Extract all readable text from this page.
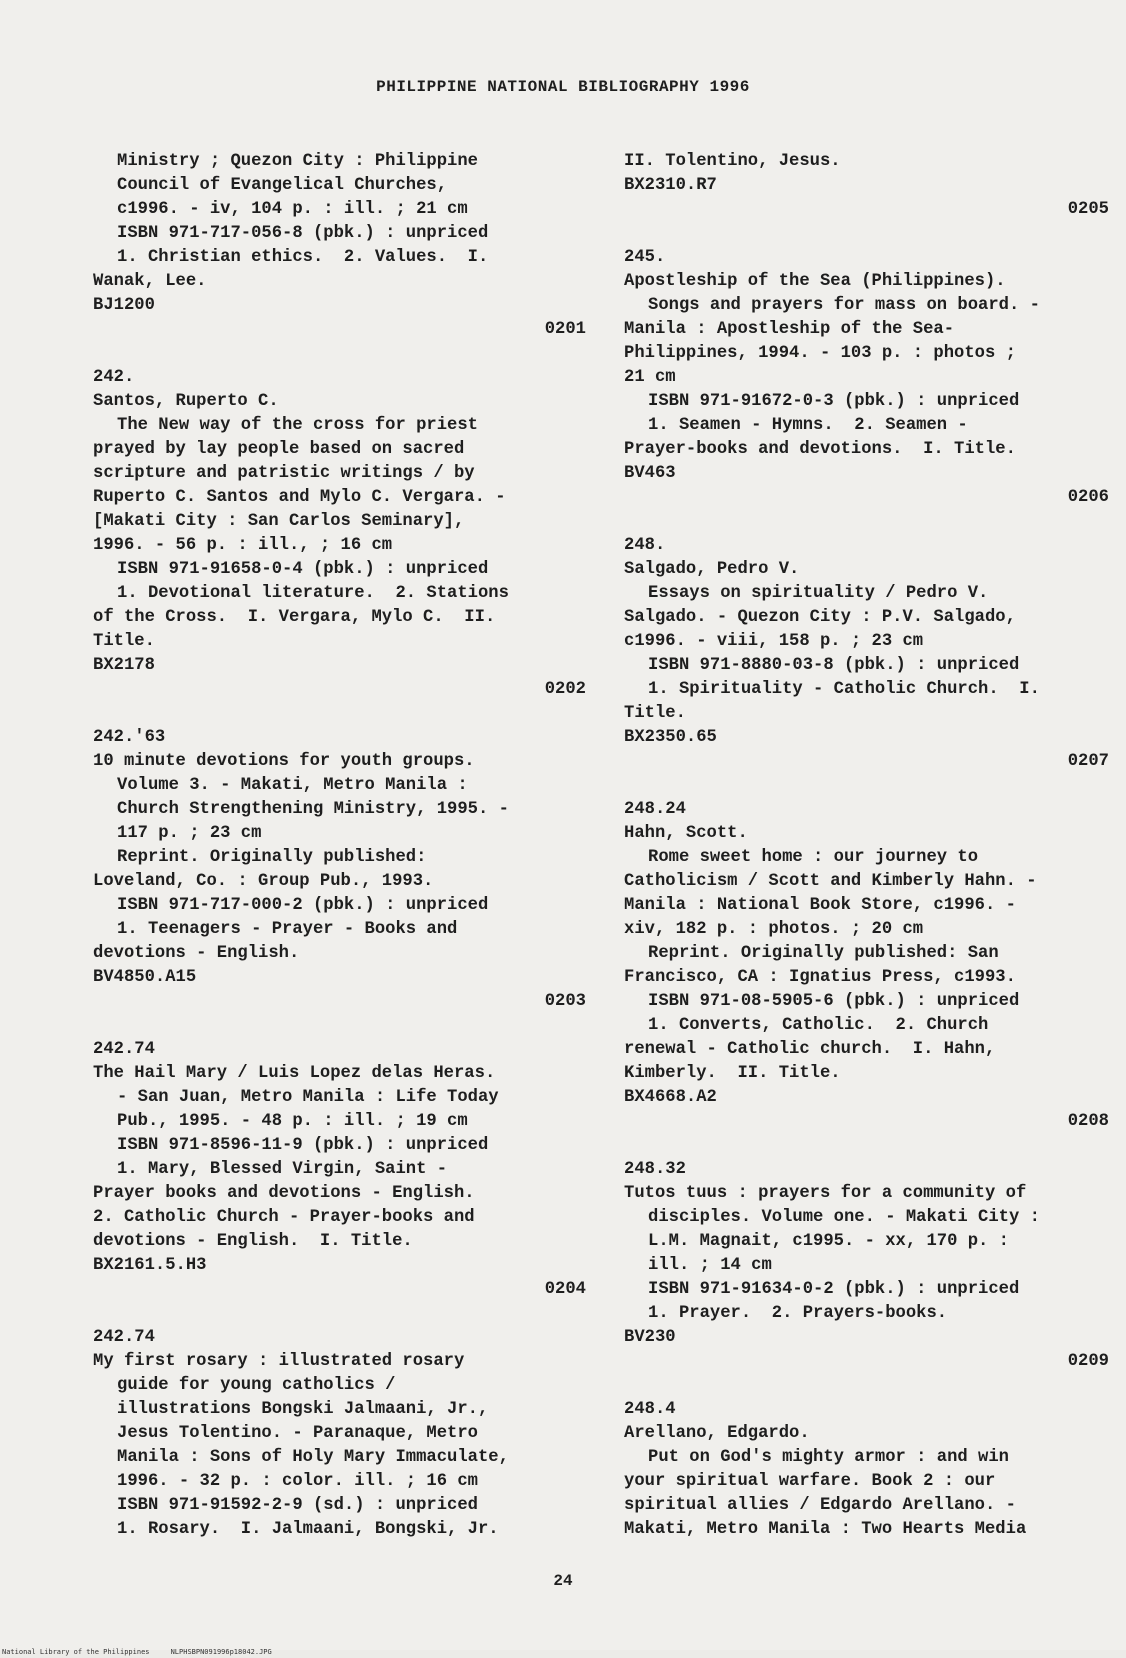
PHILIPPINE NATIONAL BIBLIOGRAPHY 1996
Ministry ; Quezon City : Philippine
Council of Evangelical Churches,
c1996. - iv, 104 p. : ill. ; 21 cm
ISBN 971-717-056-8 (pbk.) : unpriced
1. Christian ethics.  2. Values.  I.
Wanak, Lee.
BJ1200
0201
242.
Santos, Ruperto C.
The New way of the cross for priest
prayed by lay people based on sacred
scripture and patristic writings / by
Ruperto C. Santos and Mylo C. Vergara. -
[Makati City : San Carlos Seminary],
1996. - 56 p. : ill., ; 16 cm
ISBN 971-91658-0-4 (pbk.) : unpriced
1. Devotional literature.  2. Stations
of the Cross.  I. Vergara, Mylo C.  II.
Title.
BX2178
0202
242.'63
10 minute devotions for youth groups.
Volume 3. - Makati, Metro Manila :
Church Strengthening Ministry, 1995. -
117 p. ; 23 cm
Reprint. Originally published:
Loveland, Co. : Group Pub., 1993.
ISBN 971-717-000-2 (pbk.) : unpriced
1. Teenagers - Prayer - Books and
devotions - English.
BV4850.A15
0203
242.74
The Hail Mary / Luis Lopez delas Heras.
- San Juan, Metro Manila : Life Today
Pub., 1995. - 48 p. : ill. ; 19 cm
ISBN 971-8596-11-9 (pbk.) : unpriced
1. Mary, Blessed Virgin, Saint -
Prayer books and devotions - English.
2. Catholic Church - Prayer-books and
devotions - English.  I. Title.
BX2161.5.H3
0204
242.74
My first rosary : illustrated rosary
guide for young catholics /
illustrations Bongski Jalmaani, Jr.,
Jesus Tolentino. - Paranaque, Metro
Manila : Sons of Holy Mary Immaculate,
1996. - 32 p. : color. ill. ; 16 cm
ISBN 971-91592-2-9 (sd.) : unpriced
1. Rosary.  I. Jalmaani, Bongski, Jr.
II. Tolentino, Jesus.
BX2310.R7
0205
245.
Apostleship of the Sea (Philippines).
Songs and prayers for mass on board. -
Manila : Apostleship of the Sea-
Philippines, 1994. - 103 p. : photos ;
21 cm
ISBN 971-91672-0-3 (pbk.) : unpriced
1. Seamen - Hymns.  2. Seamen -
Prayer-books and devotions.  I. Title.
BV463
0206
248.
Salgado, Pedro V.
Essays on spirituality / Pedro V.
Salgado. - Quezon City : P.V. Salgado,
c1996. - viii, 158 p. ; 23 cm
ISBN 971-8880-03-8 (pbk.) : unpriced
1. Spirituality - Catholic Church.  I.
Title.
BX2350.65
0207
248.24
Hahn, Scott.
Rome sweet home : our journey to
Catholicism / Scott and Kimberly Hahn. -
Manila : National Book Store, c1996. -
xiv, 182 p. : photos. ; 20 cm
Reprint. Originally published: San
Francisco, CA : Ignatius Press, c1993.
ISBN 971-08-5905-6 (pbk.) : unpriced
1. Converts, Catholic.  2. Church
renewal - Catholic church.  I. Hahn,
Kimberly.  II. Title.
BX4668.A2
0208
248.32
Tutos tuus : prayers for a community of
disciples. Volume one. - Makati City :
L.M. Magnait, c1995. - xx, 170 p. :
ill. ; 14 cm
ISBN 971-91634-0-2 (pbk.) : unpriced
1. Prayer.  2. Prayers-books.
BV230
0209
248.4
Arellano, Edgardo.
Put on God's mighty armor : and win
your spiritual warfare. Book 2 : our
spiritual allies / Edgardo Arellano. -
Makati, Metro Manila : Two Hearts Media
24
National Library of the Philippines	NLPHSBPN091996p18042.JPG
